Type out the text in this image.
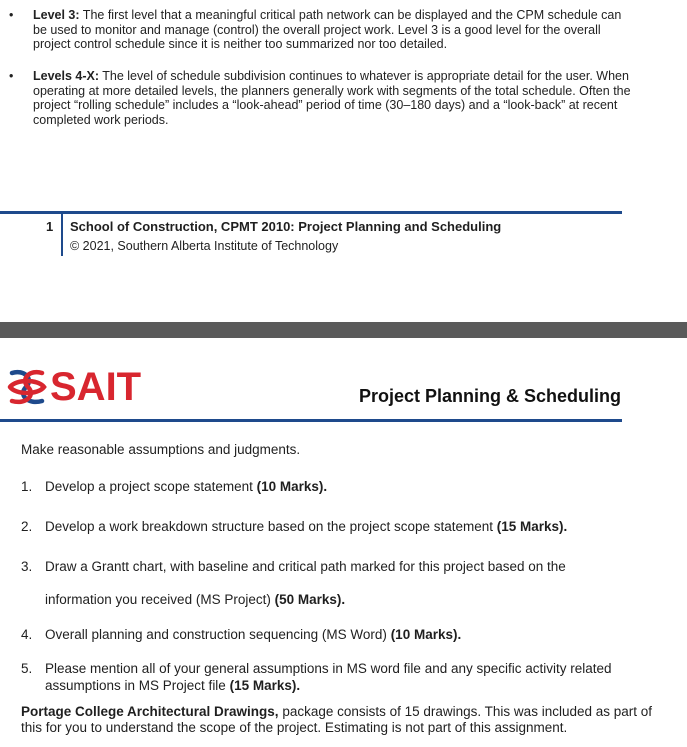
• Level 3: The first level that a meaningful critical path network can be displayed and the CPM schedule can be used to monitor and manage (control) the overall project work. Level 3 is a good level for the overall project control schedule since it is neither too summarized nor too detailed.
• Levels 4-X: The level of schedule subdivision continues to whatever is appropriate detail for the user. When operating at more detailed levels, the planners generally work with segments of the total schedule. Often the project “rolling schedule” includes a “look-ahead” period of time (30–180 days) and a “look-back” at recent completed work periods.
1 School of Construction, CPMT 2010: Project Planning and Scheduling
© 2021, Southern Alberta Institute of Technology
SAIT	Project Planning & Scheduling
Make reasonable assumptions and judgments.
1. Develop a project scope statement (10 Marks).
2. Develop a work breakdown structure based on the project scope statement (15 Marks).
3. Draw a Grantt chart, with baseline and critical path marked for this project based on the
information you received (MS Project) (50 Marks).
4. Overall planning and construction sequencing (MS Word) (10 Marks).
5. Please mention all of your general assumptions in MS word file and any specific activity related assumptions in MS Project file (15 Marks).
Portage College Architectural Drawings, package consists of 15 drawings. This was included as part of this for you to understand the scope of the project. Estimating is not part of this assignment.
